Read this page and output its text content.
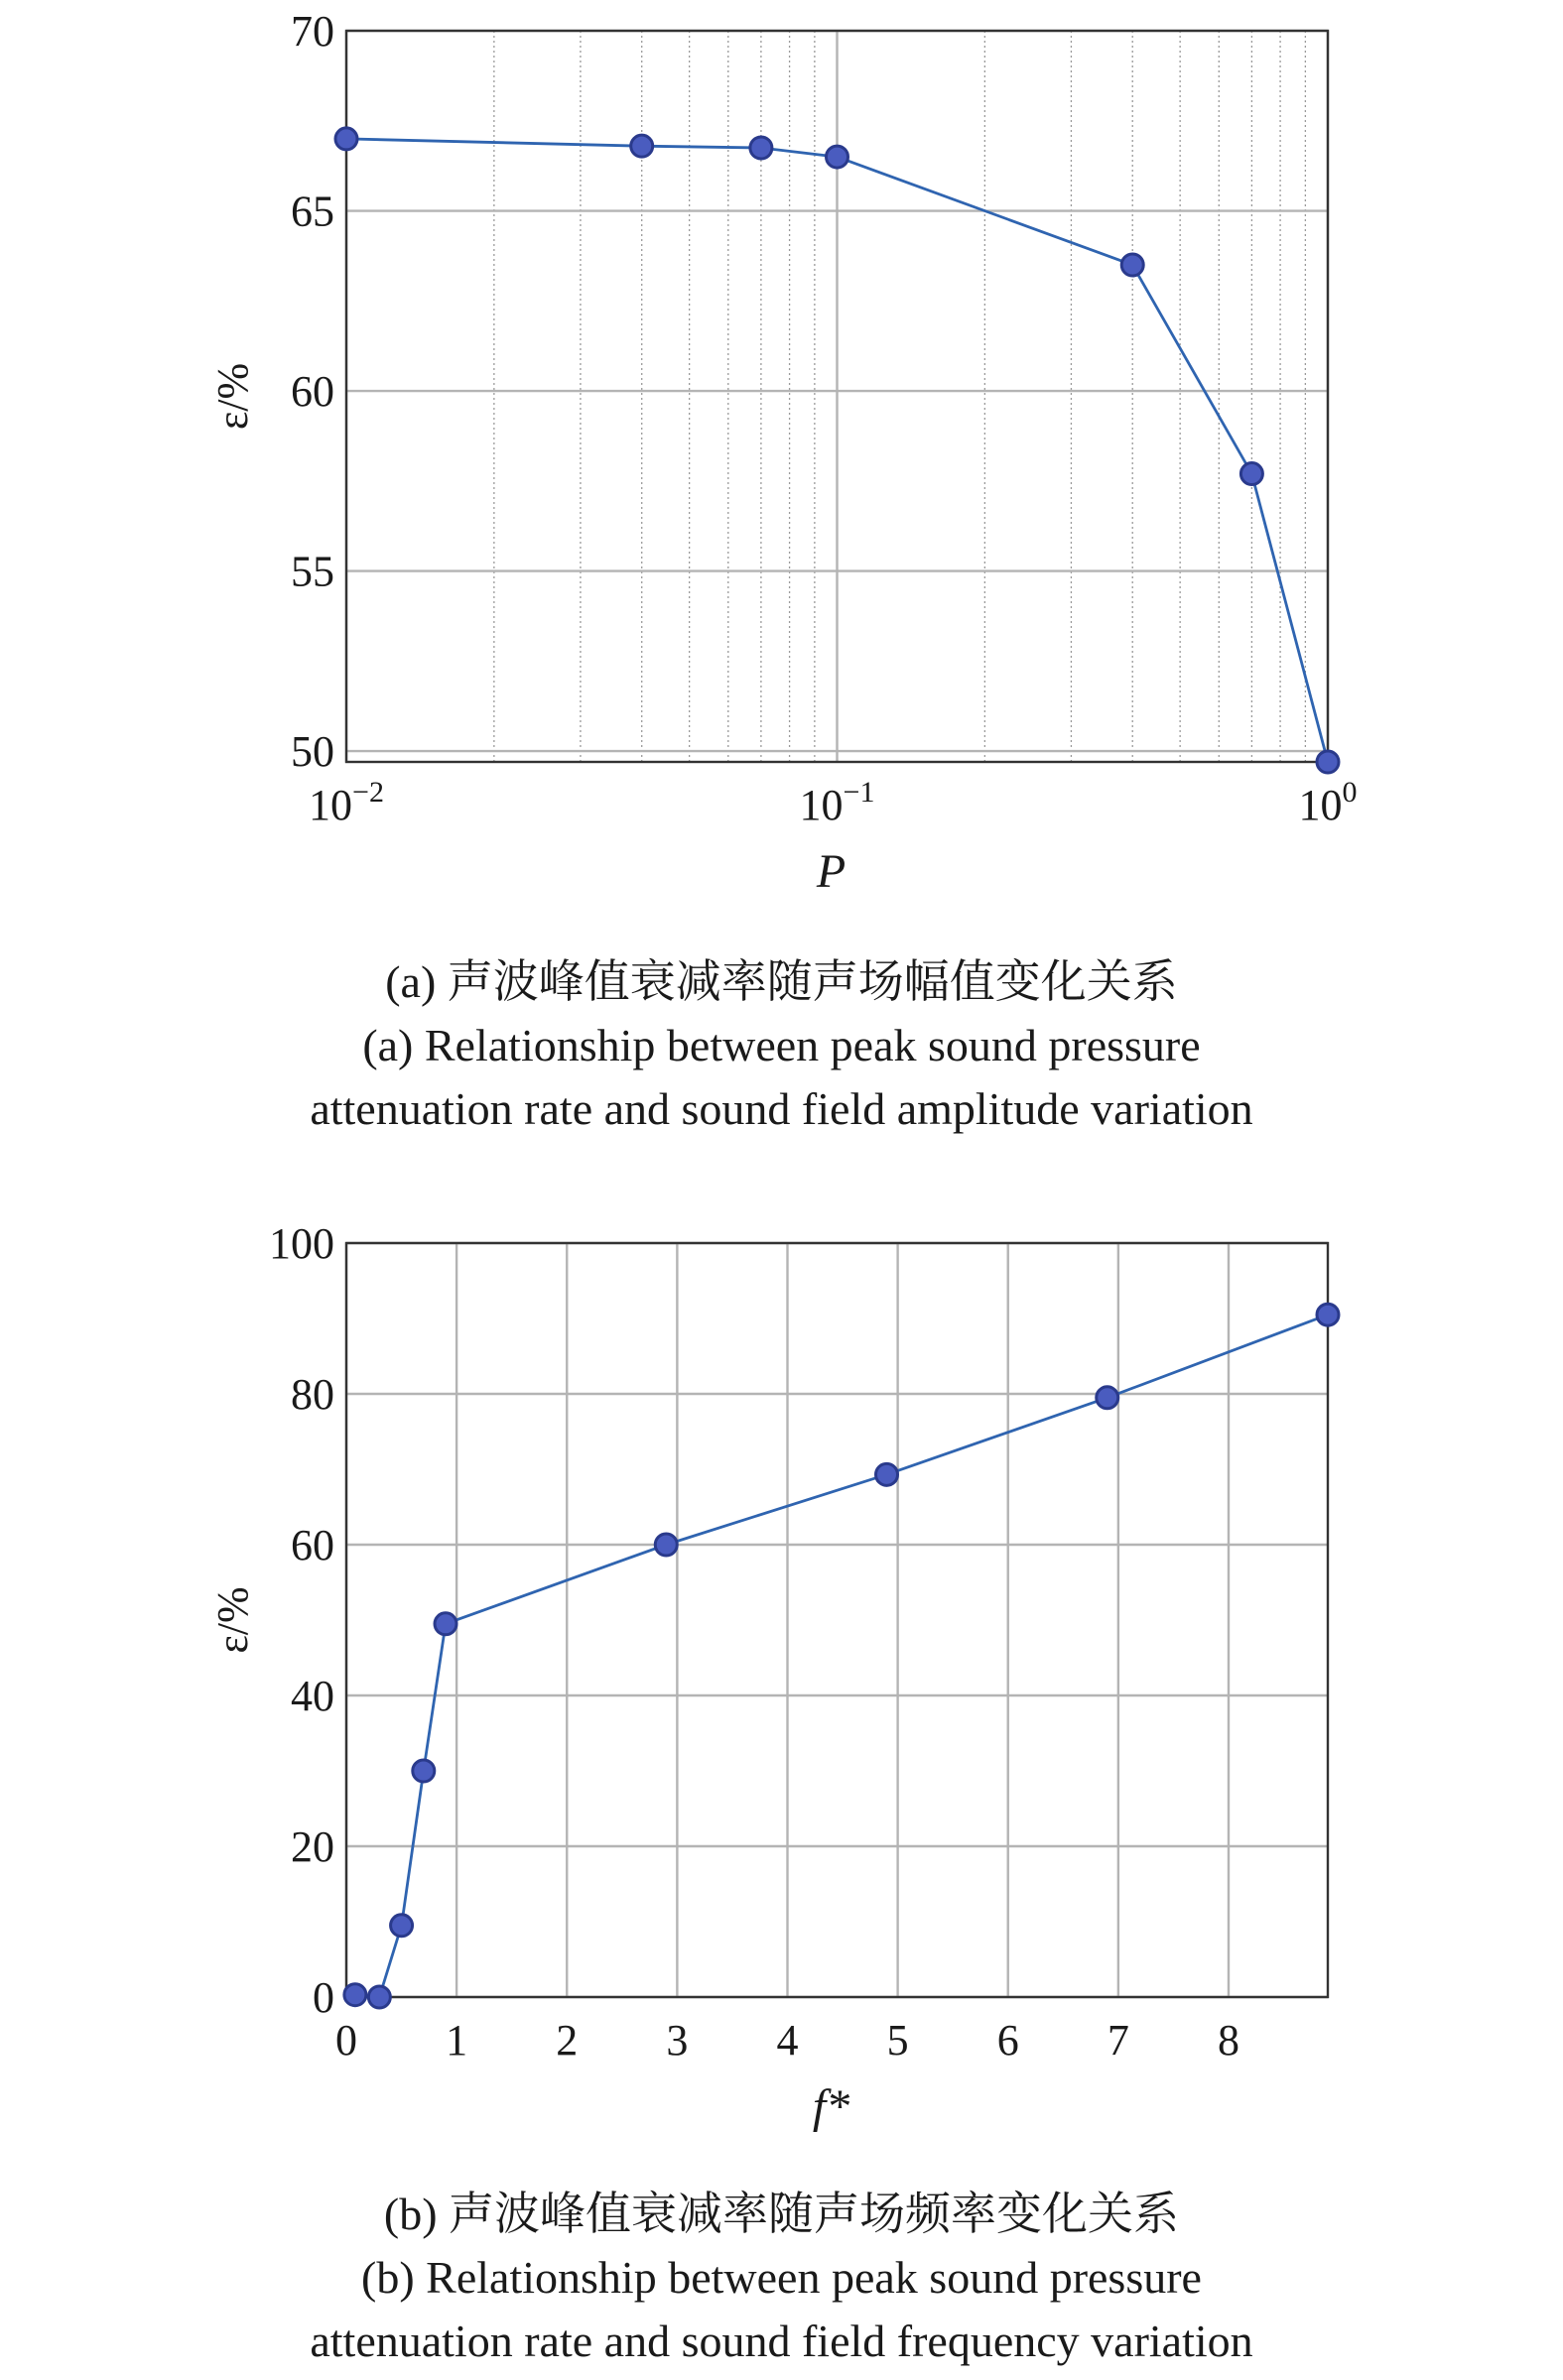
50
55
60
65
70
$10^{-2}$	$10^{-1}$	$10^0$
P
ε/%
0
20
40
60
80
100
0 1 2 3 4 5 6 7 8
f*
ε/%
(a) 声波峰值衰减率随声场幅值变化关系
(a) Relationship between peak sound pressure
attenuation rate and sound field amplitude variation
(b) 声波峰值衰减率随声场频率变化关系
(b) Relationship between peak sound pressure
attenuation rate and sound field frequency variation
